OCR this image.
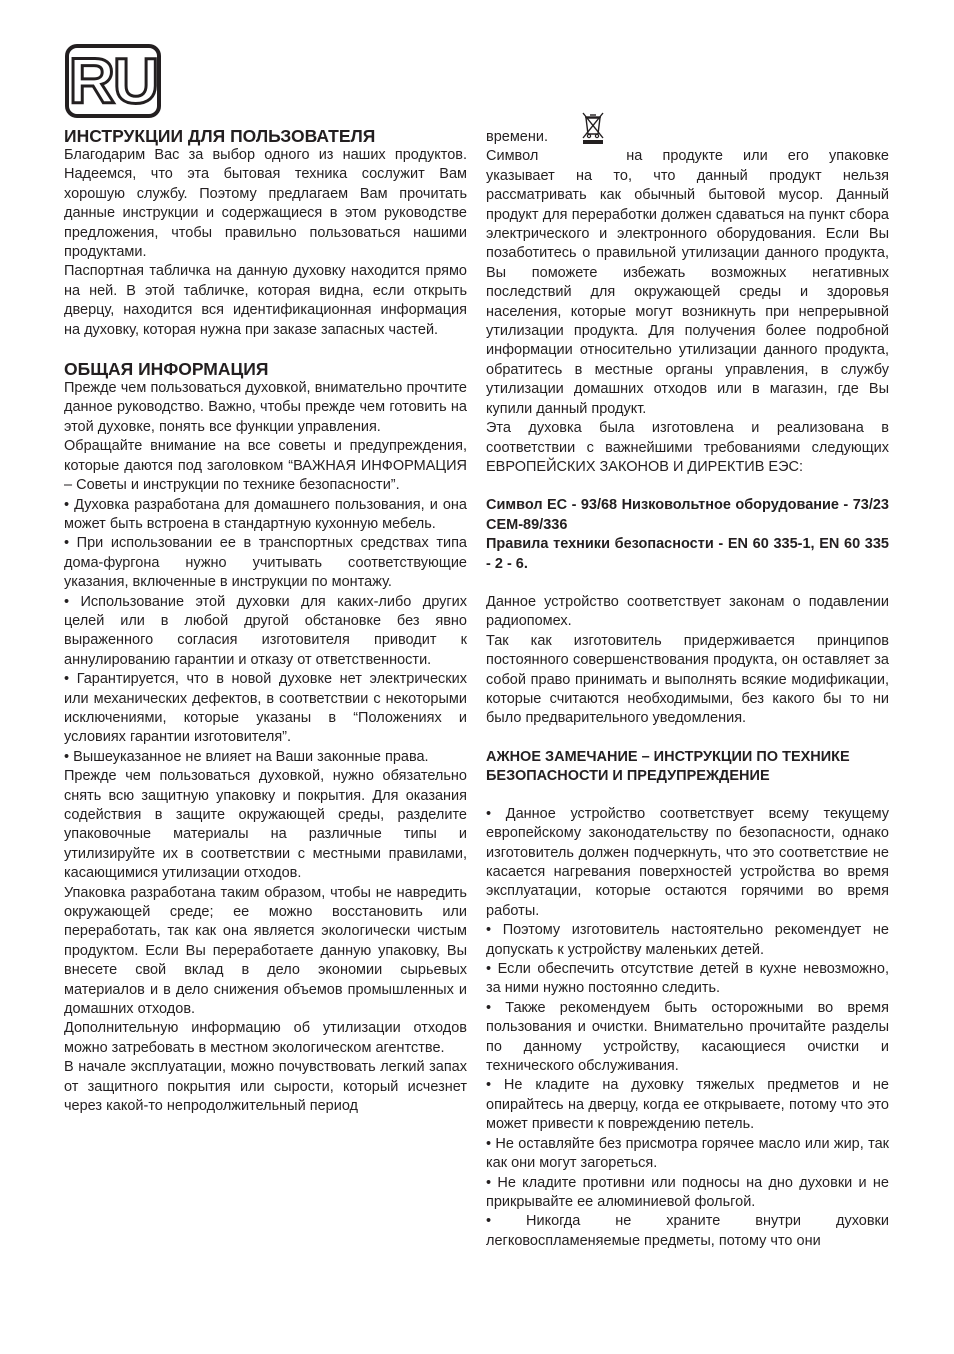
RU
ИНСТРУКЦИИ ДЛЯ ПОЛЬЗОВАТЕЛЯ

Благодарим Вас за выбор одного из наших продуктов. Надеемся, что эта бытовая техника сослужит Вам хорошую службу. Поэтому предлагаем Вам прочитать данные инструкции и содержащиеся в этом руководстве предложения, чтобы правильно пользоваться нашими продуктами.

Паспортная табличка на данную духовку находится прямо на ней. В этой табличке, которая видна, если открыть дверцу, находится вся идентификационная информация на духовку, которая нужна при заказе запасных частей.

ОБЩАЯ ИНФОРМАЦИЯ

Прежде чем пользоваться духовкой, внимательно прочтите данное руководство. Важно, чтобы прежде чем готовить на этой духовке, понять все функции управления.

Обращайте внимание на все советы и предупреждения, которые даются под заголовком “ВАЖНАЯ ИНФОРМАЦИЯ – Советы и инструкции по технике безопасности”.

• Духовка разработана для домашнего пользования, и она может быть встроена в стандартную кухонную мебель.

• При использовании ее в транспортных средствах типа дома-фургона нужно учитывать соответствующие указания, включенные в инструкции по монтажу.

• Использование этой духовки для каких-либо других целей или в любой другой обстановке без явно выраженного согласия изготовителя приводит к аннулированию гарантии и отказу от ответственности.

• Гарантируется, что в новой духовке нет электрических или механических дефектов, в соответствии с некоторыми исключениями, которые указаны в “Положениях и условиях гарантии изготовителя”.

• Вышеуказанное не влияет на Ваши законные права.

Прежде чем пользоваться духовкой, нужно обязательно снять всю защитную упаковку и покрытия. Для оказания содействия в защите окружающей среды, разделите упаковочные материалы на различные типы и утилизируйте их в соответствии с местными правилами, касающимися утилизации отходов.

Упаковка разработана таким образом, чтобы не навредить окружающей среде; ее можно восстановить или переработать, так как она является экологически чистым продуктом. Если Вы переработаете данную упаковку, Вы внесете свой вклад в дело экономии сырьевых материалов и в дело снижения объемов промышленных и домашних отходов.

Дополнительную информацию об утилизации отходов можно затребовать в местном экологическом агентстве.

В начале эксплуатации, можно почувствовать легкий запах от защитного покрытия или сырости, который исчезнет через какой-то непродолжительный период

времени.

Символ	на продукте или его упаковке указывает на то, что данный продукт нельзя рассматривать как обычный бытовой мусор. Данный продукт для переработки должен сдаваться на пункт сбора электрического и электронного оборудования. Если Вы позаботитесь о правильной утилизации данного продукта, Вы поможете избежать возможных негативных последствий для окружающей среды и здоровья населения, которые могут возникнуть при непрерывной утилизации продукта. Для получения более подробной информации относительно утилизации данного продукта, обратитесь в местные органы управления, в службу утилизации домашних отходов или в магазин, где Вы купили данный продукт.

Эта духовка была изготовлена и реализована в соответствии с важнейшими требованиями следующих ЕВРОПЕЙСКИХ ЗАКОНОВ И ДИРЕКТИВ ЕЭС:

Символ ЕС - 93/68 Низковольтное оборудование - 73/23 CEM-89/336

Правила техники безопасности - EN 60 335-1, EN 60 335 - 2 - 6.

Данное устройство соответствует законам о подавлении радиопомех.

Так как изготовитель придерживается принципов постоянного совершенствования продукта, он оставляет за собой право принимать и выполнять всякие модификации, которые считаются необходимыми, без какого бы то ни было предварительного уведомления.

АЖНОЕ ЗАМЕЧАНИЕ – ИНСТРУКЦИИ ПО ТЕХНИКЕ БЕЗОПАСНОСТИ И ПРЕДУПРЕЖДЕНИЕ

• Данное устройство соответствует всему текущему европейскому законодательству по безопасности, однако изготовитель должен подчеркнуть, что это соответствие не касается нагревания поверхностей устройства во время эксплуатации, которые остаются горячими во время работы.

• Поэтому изготовитель настоятельно рекомендует не допускать к устройству маленьких детей.

• Если обеспечить отсутствие детей в кухне невозможно, за ними нужно постоянно следить.

• Также рекомендуем быть осторожными во время пользования и очистки. Внимательно прочитайте разделы по данному устройству, касающиеся очистки и технического обслуживания.

• Не кладите на духовку тяжелых предметов и не опирайтесь на дверцу, когда ее открываете, потому что это может привести к повреждению петель.

• Не оставляйте без присмотра горячее масло или жир, так как они могут загореться.

• Не кладите противни или подносы на дно духовки и не прикрывайте ее алюминиевой фольгой.

• Никогда не храните внутри духовки легковоспламеняемые предметы, потому что они
